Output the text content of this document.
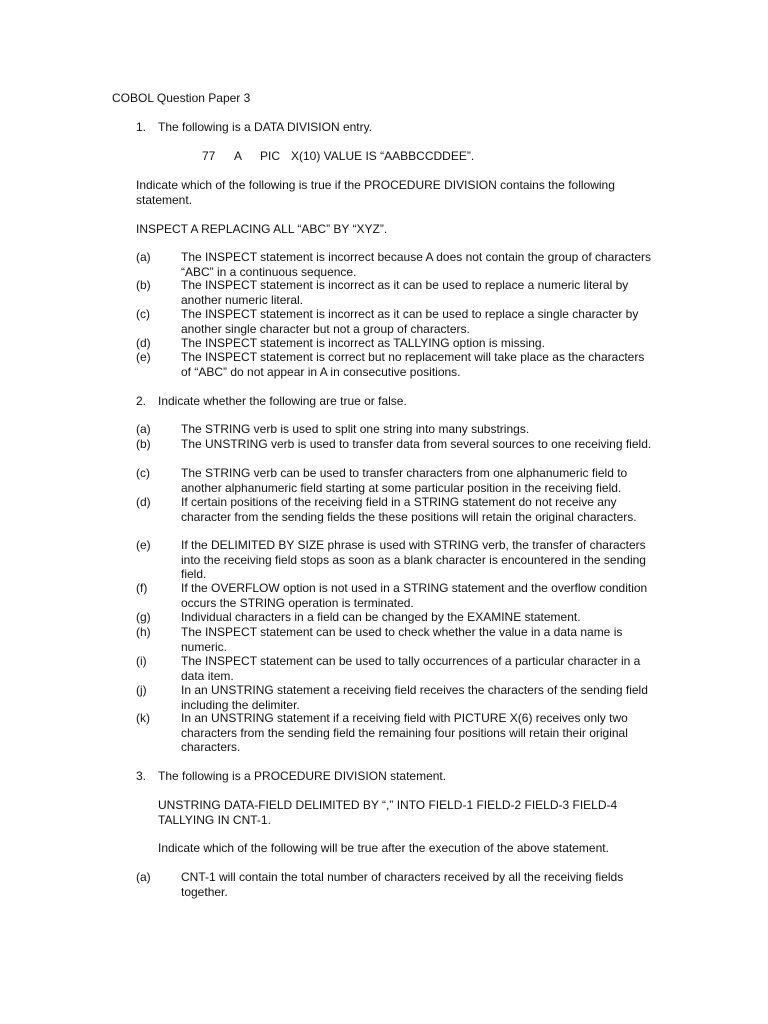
COBOL Question Paper 3
1. The following is a DATA DIVISION entry.
77 A PIC X(10) VALUE IS “AABBCCDDEE”.
Indicate which of the following is true if the PROCEDURE DIVISION contains the following statement.
INSPECT A REPLACING ALL “ABC” BY “XYZ”.
(a)	The INSPECT statement is incorrect because A does not contain the group of characters “ABC” in a continuous sequence.
(b)	The INSPECT statement is incorrect as it can be used to replace a numeric literal by another numeric literal.
(c)	The INSPECT statement is incorrect as it can be used to replace a single character by another single character but not a group of characters.
(d)	The INSPECT statement is incorrect as TALLYING option is missing.
(e)	The INSPECT statement is correct but no replacement will take place as the characters of “ABC” do not appear in A in consecutive positions.
2. Indicate whether the following are true or false.
(a)	The STRING verb is used to split one string into many substrings.
(b)	The UNSTRING verb is used to transfer data from several sources to one receiving field.
(c)	The STRING verb can be used to transfer characters from one alphanumeric field to another alphanumeric field starting at some particular position in the receiving field.
(d)	If certain positions of the receiving field in a STRING statement do not receive any character from the sending fields the these positions will retain the original characters.
(e)	If the DELIMITED BY SIZE phrase is used with STRING verb, the transfer of characters into the receiving field stops as soon as a blank character is encountered in the sending field.
(f)	If the OVERFLOW option is not used in a STRING statement and the overflow condition occurs the STRING operation is terminated.
(g)	Individual characters in a field can be changed by the EXAMINE statement.
(h)	The INSPECT statement can be used to check whether the value in a data name is numeric.
(i)	The INSPECT statement can be used to tally occurrences of a particular character in a data item.
(j)	In an UNSTRING statement a receiving field receives the characters of the sending field including the delimiter.
(k)	In an UNSTRING statement if a receiving field with PICTURE X(6) receives only two characters from the sending field the remaining four positions will retain their original characters.
3. The following is a PROCEDURE DIVISION statement.
UNSTRING DATA-FIELD DELIMITED BY “,” INTO FIELD-1 FIELD-2 FIELD-3 FIELD-4 TALLYING IN CNT-1.
Indicate which of the following will be true after the execution of the above statement.
(a)	CNT-1 will contain the total number of characters received by all the receiving fields together.
